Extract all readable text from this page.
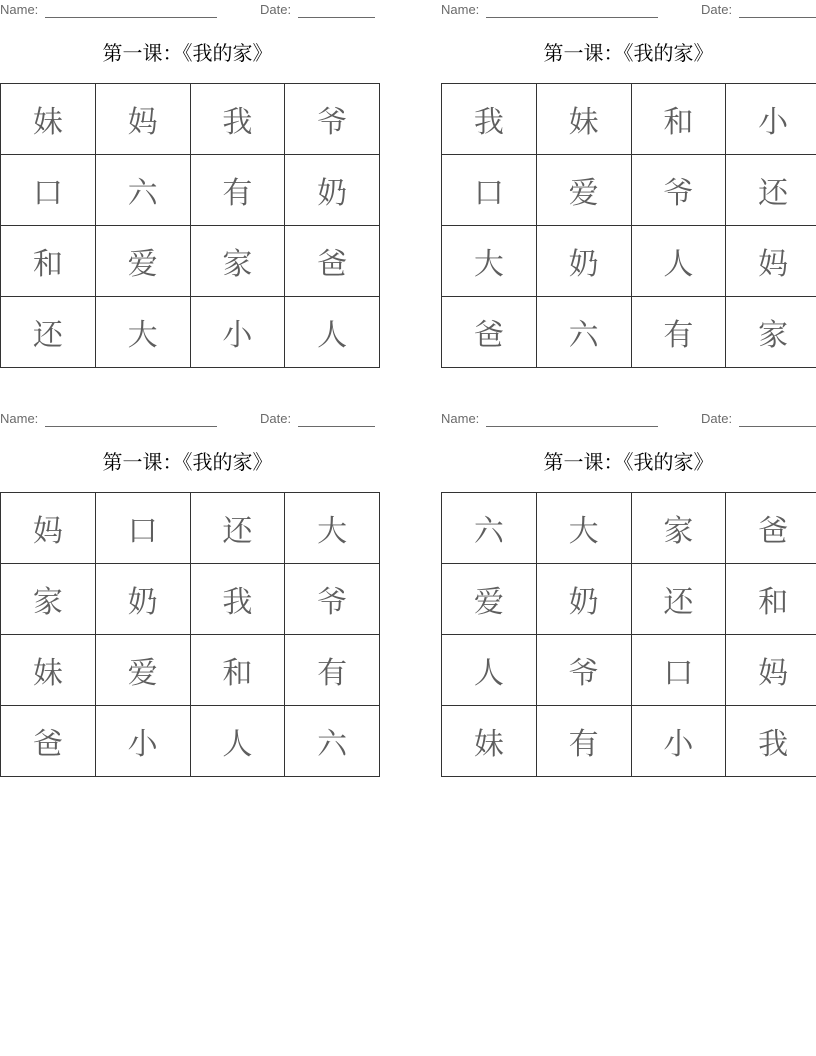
Name:	Date:
第一课：《我的家》
妹	妈	我	爷
口	六	有	奶
和	爱	家	爸
还	大	小	人
Name:	Date:
第一课：《我的家》
我	妹	和	小
口	爱	爷	还
大	奶	人	妈
爸	六	有	家
Name:	Date:
第一课：《我的家》
妈	口	还	大
家	奶	我	爷
妹	爱	和	有
爸	小	人	六
Name:	Date:
第一课：《我的家》
六	大	家	爸
爱	奶	还	和
人	爷	口	妈
妹	有	小	我
